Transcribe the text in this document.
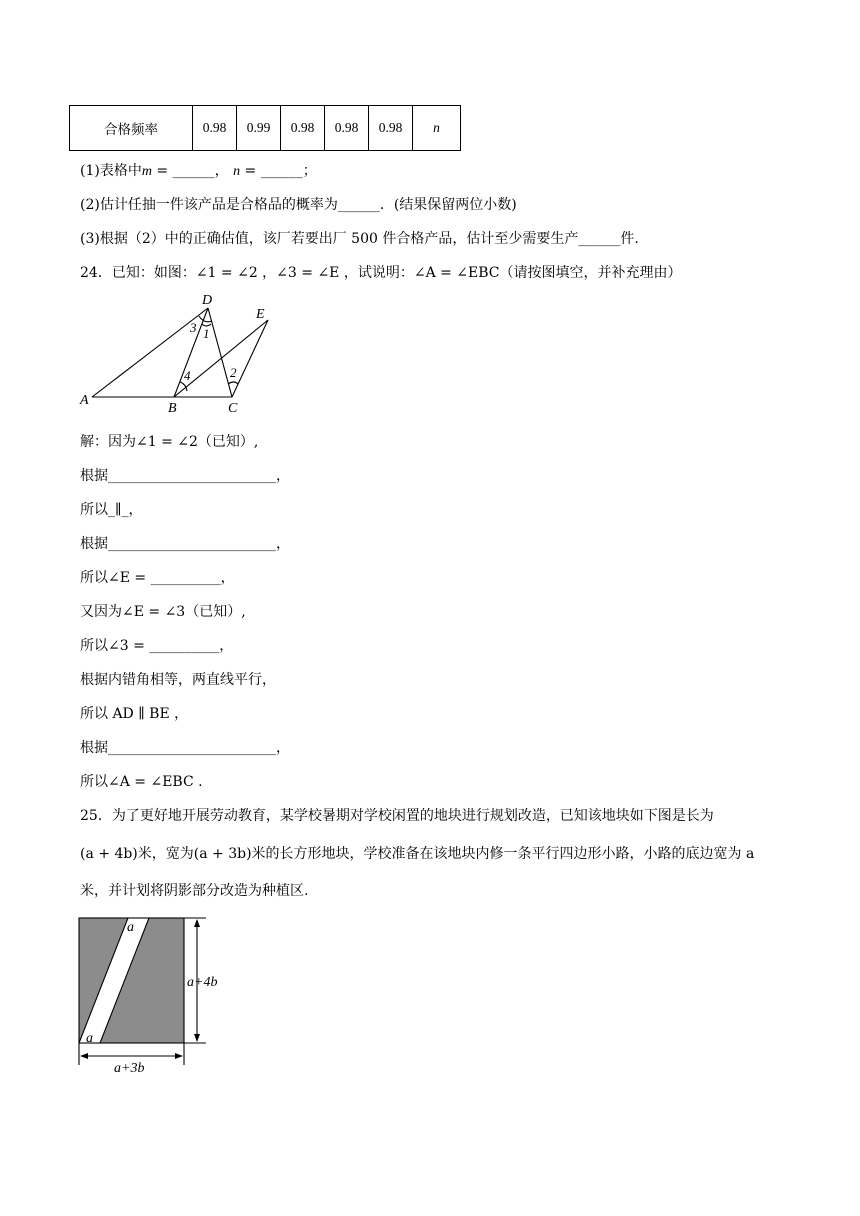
合格频率	0.98	0.99	0.98	0.98	0.98	n
(1)表格中m = ______， n = ______；
(2)估计任抽一件该产品是合格品的概率为______．(结果保留两位小数)
(3)根据（2）中的正确估值，该厂若要出厂 500 件合格产品，估计至少需要生产______件.
24．已知：如图：∠1 = ∠2 ，∠3 = ∠E ，试说明：∠A = ∠EBC（请按图填空，并补充理由）
D
E
A
B	C
1
2
3
4
解：因为∠1 = ∠2（已知）,
根据________________________，
所以_∥_，
根据________________________，
所以∠E = __________，
又因为∠E = ∠3（已知）,
所以∠3 = __________，
根据内错角相等，两直线平行，
所以 AD ∥ BE ，
根据________________________，
所以∠A = ∠EBC .
25．为了更好地开展劳动教育，某学校暑期对学校闲置的地块进行规划改造，已知该地块如下图是长为
(a + 4b)米，宽为(a + 3b)米的长方形地块，学校准备在该地块内修一条平行四边形小路，小路的底边宽为 a
米，并计划将阴影部分改造为种植区.
a
a
a+4b
a+3b
